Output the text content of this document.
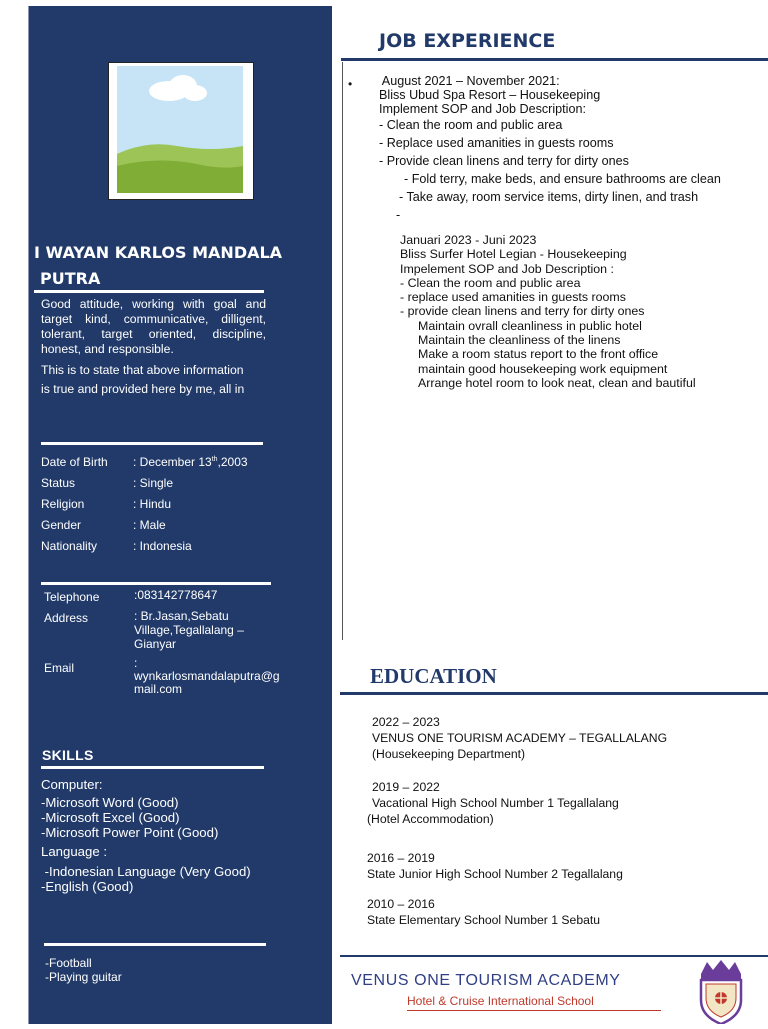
I WAYAN KARLOS MANDALA
PUTRA
Good attitude, working with goal and target kind, communicative, dilligent, tolerant, target oriented, discipline, honest, and responsible.
This is to state that above information
is true and provided here by me, all in
Date of Birth : December 13th,2003
Status	: Single
Religion	: Hindu
Gender	: Male
Nationality	: Indonesia
Telephone	:083142778647
Address	: Br.Jasan,Sebatu
Village,Tegallalang –
Gianyar
Email	:
wynkarlosmandalaputra@g
mail.com
SKILLS
Computer:
-Microsoft Word (Good)
-Microsoft Excel (Good)
-Microsoft Power Point (Good)
Language :
-Indonesian Language (Very Good)
-English (Good)
-Football
-Playing guitar
JOB EXPERIENCE
• August 2021 – November 2021:
Bliss Ubud Spa Resort – Housekeeping
Implement SOP and Job Description:
- Clean the room and public area
- Replace used amanities in guests rooms
- Provide clean linens and terry for dirty ones
- Fold terry, make beds, and ensure bathrooms are clean
- Take away, room service items, dirty linen, and trash
-
Januari 2023 - Juni 2023
Bliss Surfer Hotel Legian - Housekeeping
Impelement SOP and Job Description :
- Clean the room and public area
- replace used amanities in guests rooms
- provide clean linens and terry for dirty ones
Maintain ovrall cleanliness in public hotel
Maintain the cleanliness of the linens
Make a room status report to the front office
maintain good housekeeping work equipment
Arrange hotel room to look neat, clean and bautiful
EDUCATION
2022 – 2023
VENUS ONE TOURISM ACADEMY – TEGALLALANG
(Housekeeping Department)
2019 – 2022
Vacational High School Number 1 Tegallalang
(Hotel Accommodation)
2016 – 2019
State Junior High School Number 2 Tegallalang
2010 – 2016
State Elementary School Number 1 Sebatu
VENUS ONE TOURISM ACADEMY
Hotel & Cruise International School
